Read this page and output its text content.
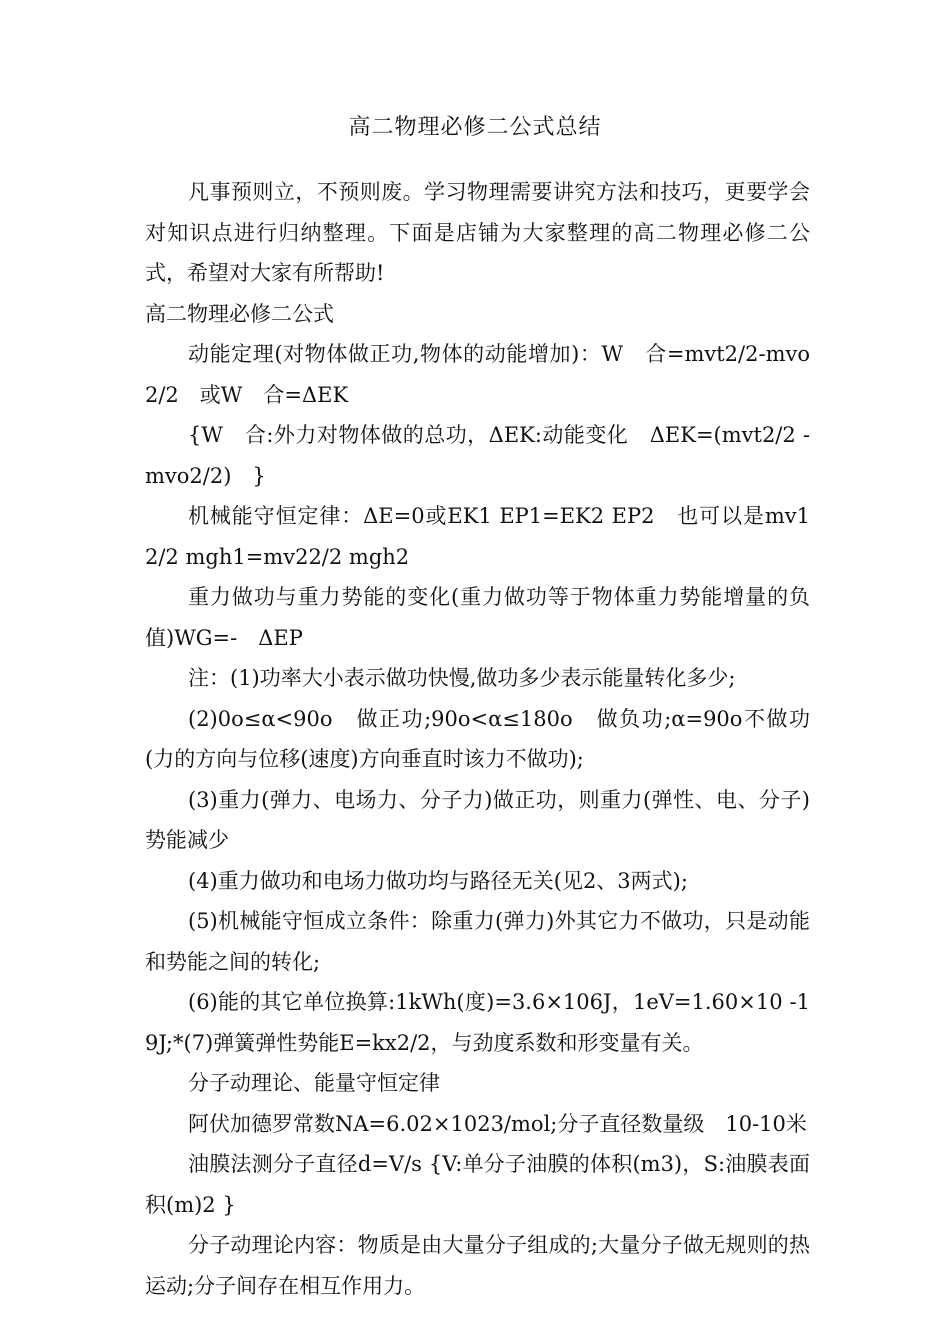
高二物理必修二公式总结

凡事预则立，不预则废。学习物理需要讲究方法和技巧，更要学会对知识点进行归纳整理。下面是店铺为大家整理的高二物理必修二公式，希望对大家有所帮助!

高二物理必修二公式

动能定理(对物体做正功,物体的动能增加)：W　合=mvt2/2-mvo2/2　或W　合=ΔEK

{W　合:外力对物体做的总功，ΔEK:动能变化　ΔEK=(mvt2/2 -mvo2/2)　}

机械能守恒定律：ΔE=0或EK1 EP1=EK2 EP2　也可以是mv12/2 mgh1=mv22/2 mgh2

重力做功与重力势能的变化(重力做功等于物体重力势能增量的负值)WG=-　ΔEP

注：(1)功率大小表示做功快慢,做功多少表示能量转化多少;

(2)0o≤α<90o　做正功;90o<α≤180o　做负功;α=90o不做功(力的方向与位移(速度)方向垂直时该力不做功);

(3)重力(弹力、电场力、分子力)做正功，则重力(弹性、电、分子)势能减少

(4)重力做功和电场力做功均与路径无关(见2、3两式);

(5)机械能守恒成立条件：除重力(弹力)外其它力不做功，只是动能和势能之间的转化;

(6)能的其它单位换算:1kWh(度)=3.6×106J，1eV=1.60×10 -19J;*(7)弹簧弹性势能E=kx2/2，与劲度系数和形变量有关。

分子动理论、能量守恒定律

阿伏加德罗常数NA=6.02×1023/mol;分子直径数量级　10-10米

油膜法测分子直径d=V/s {V:单分子油膜的体积(m3)，S:油膜表面积(m)2 }

分子动理论内容：物质是由大量分子组成的;大量分子做无规则的热运动;分子间存在相互作用力。
